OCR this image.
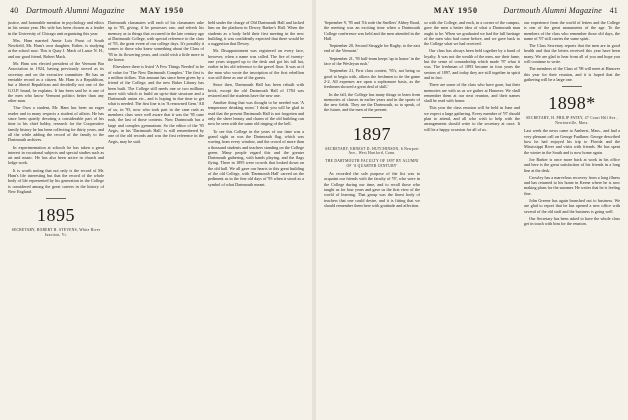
40 Dartmouth Alumni Magazine MAY 1950

justice, and honorable mention in psychology and ethics in his senior year. His wife has been chosen as a leader in the University of Chicago unit organizing this year.

Mrs. Ham married Annie Lois Prout of South Newfield, Mr. Ham's own daughter, Esther, is studying at the school now. This is Quay J. Mack of Lance N. H., and our good friend, Robert Mack.

Mr. Ham was elected president of the Vermont Bar Association in 1924, having previously served as its secretary and on the executive committee. He has an enviable record as a citizen. Mr. Ham is a Republican, but a liberal Republican and decidedly not one of the G.O.P. brand, he explains. It has been said he is one of the men who know Vermont politics better than any other man.

'Our Own a student, Mr. Ham has been an eager reader and in many respects a student of affairs. He has since been quietly devoting a considerable part of his time to his chief hobby, research for the Cooperative family history he has been collecting for thirty years, and all the while adding the record of the family to the Dartmouth archives.

In experimentation at schools he has taken a great interest in vocational subjects and special studies such as art and music. He has also been active in church and lodge work.

It is worth noting that not only is the record of Mr. Ham's life interesting but that the record of the whole body of life represented by his generation in the College is considered among the great careers in the history of New England.

1895
SECRETARY, ROBERT H. STEVENS, White River Junction, Vt.

Dartmouth classmates will each of his classmates rake up to '95, giving, if he possesses one, and refresh his memory as to things that occurred in the late century ago at Dartmouth College, with special reference to the class of '95, the great event of our college days. It's possibly it comes to those who knew something about the Class of '95 in its flowering years, and could wish a little more to the honor.

Elsewhere there is listed 'A Few Things Needed' to be of value for 'The New Dartmouth Complex.' The first is a million dollars. This amount has since been given by a friend of the College, and the new Baker Library has been built. The College still needs one or two millions more with which to build an up-to-date structure and a Dartmouth union etc., and is hoping in due time to get what is needed. The first line is in 'A renowned Gem.' All of us, in '95, now who took part in the cane rush as members class were well aware that it was the '95 cane rush, the last of those contests. Now Dartmouth has a large and complex gymnasium. So the editor of the '95 Aegis, in his 'Dartmouth Hall,' is still remembered by one of the old records and was the first reference in the Aegis, may be said.

held under the charge of Old Dartmouth Hall and lacked him on the platform in Dewey Barker's Hall. When the students as a body held their first meeting in the new building, it was confidently expected that there would be a suggestion that Dewey.

Mr. Disappointment was registered on every face, however, when a name was called. The fire of twenty-one years stopped up to the desk and got his tall hat, earlier in his old reference to the gravel floor. It was as if the man who wrote the inscription of the first rebellion was still there as one of the guests.

Since then, Dartmouth Hall has been rebuilt with brick, except the old Dartmouth Hall of 1784 was restored and the students have the new one.

Another thing that was thought to be needed was 'A temperance drinking room.' I think you will be glad to read that the present Dartmouth Hall is not forgotten and only the sheer beauty and charm of the old building can now be seen with the same old ringing of the bell.

To see this College in the years of our time was a grand sight as was the Dartmouth flag, which was waving from every window, and the crowd of more than a thousand students and teachers standing on the College green. Many people regard this and the greater Dartmouth gathering, with bands playing, and the flags flying. There in 1895 were crowds that looked down on the old hall. We all gave our hearts to this great building of the old College, with 'Dartmouth Hall' carved on the pediment as in the fine old days of '95 when it stood as a symbol of what Dartmouth meant.

MAY 1950	Dartmouth Alumni Magazine 41

'September 9, '95 and 7th rode the Snellers' Abbey Road, the meeting was an exciting time when a Dartmouth College conference was held and the men attended in the Hall.

'September 20, Second Struggle for Rugby, to the east end of the Vermont.'

'September 21, '95 half-team keeps 'up to honor' in the face of the Wesleyan rush.'

'September 21, First class contest, '95's, not being so good to begin with, allows the freshmen to tie the game 2-2. All expenses are upon a sophomore basis, as the freshmen showed a great deal of skill.'

In the fall, the College has many things to learn from memories of classes in earlier years and in the sports of the new fields. They are the Dartmouth, so to speak, of the future, and the men of the present.

1897
SECRETARY, ERNEST D. HUTCHINSON, 6 Newport Ave., West Hartford, Conn.
THE DARTMOUTH FACULTY OF 1897 BY ALUMNI OF 'A QUARTER CENTURY'

As recorded the sole purpose of the list was to acquaint our friends with the faculty of '97, who were in the College during our time, and to recall those who taught us for four years and gave us the first view of the world of learning. That group was the finest body of teachers that one could desire, and it is fitting that we should remember them here with gratitude and affection.

so with the College, and each, in a corner of the campus, gave the men a better idea of what a Dartmouth man ought to be. When we graduated we had the full heritage of the men who had come before, and we gave back to the College what we had received.

Our class has always been held together by a bond of loyalty. It was not the wealth of the men, nor their fame, but the sense of comradeship which made '97 what it was. The freshman of 1893 became in four years the seniors of 1897, and today they are still together in spirit and in fact.

There are some of the class who have gone, but their memories are with us as we gather at Hanover. We shall remember them at our next reunion, and their names shall be read with honor.

This year the class reunion will be held in June and we expect a large gathering. Every member of '97 should plan to attend, and all who wish to help with the arrangements should write to the secretary at once. It will be a happy occasion for all of us.

our experience from the world of letters and the College is one of the great monuments of the age. To the members of the class who remember those old days, the name of '97 still carries the same spirit.

The Class Secretary reports that the men are in good health and that the letters received this year have been many. We are glad to hear from all of you and hope you will continue to write.

The members of the Class of '98 will meet at Hanover this year for their reunion, and it is hoped that the gathering will be a large one.

1898*
SECRETARY, H. PHILIP PATEY, 47 Court Hill Ave., Newtonville, Mass.

Last week the news came to Amherst, Mass., and had a very pleasant call on George Faulkner. George described how he had enjoyed his trip to Florida and the Mississippi River and visits with friends. He has spent the winter in the South and is now home again.

Joe Barker is once more back at work in his office and here is the great satisfaction of his friends in a long line at the desk.

Crowley has a marvelous recovery from a long illness and has returned to his home in Keene where he is now making plans for the summer. He writes that he is feeling fine.

John Greene has again branched out to business. We are glad to report that he has opened a new office with several of the old staff and the business is going well.

Our Secretary has been asked to have the whole class get in touch with him for the reunion.
